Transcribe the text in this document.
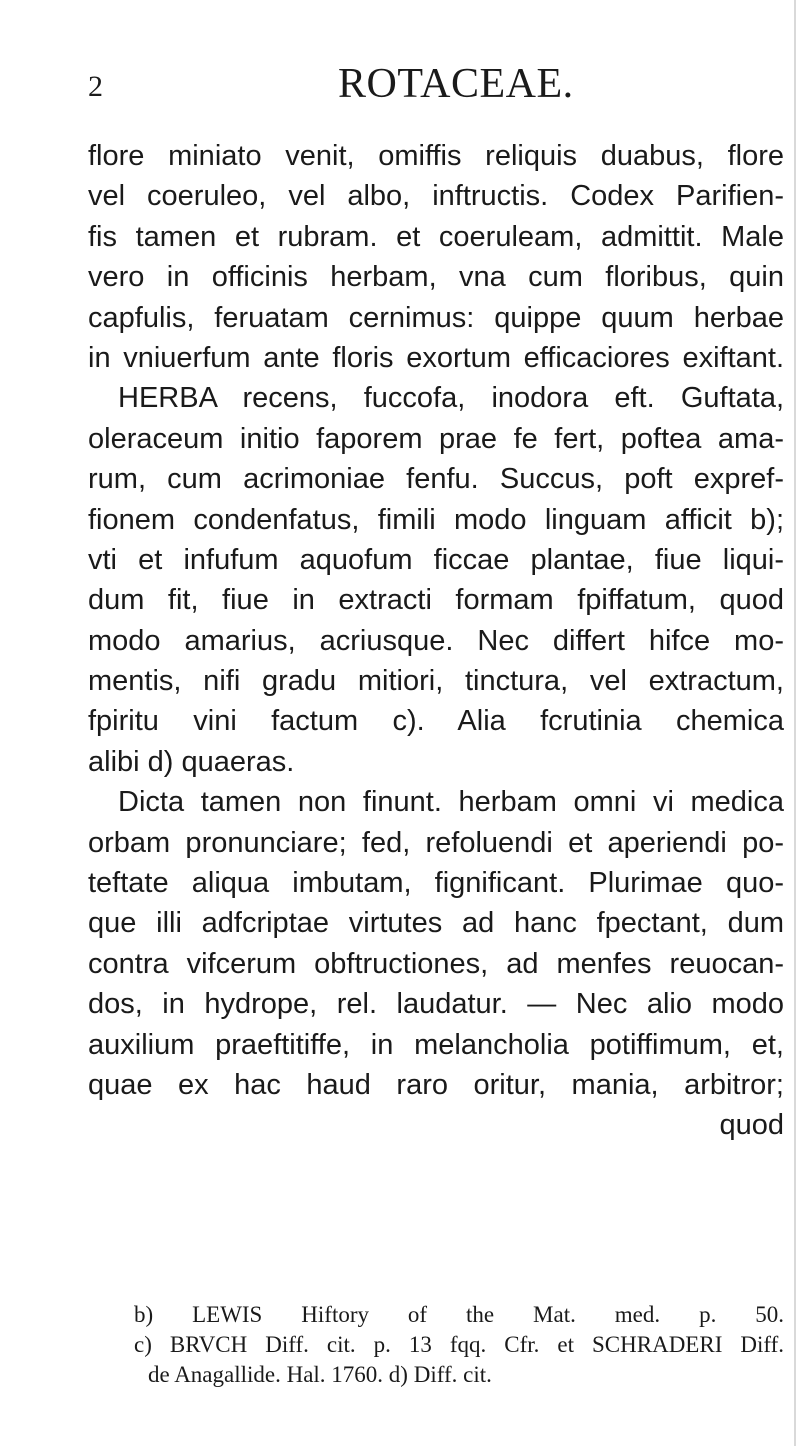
2	ROTACEAE.
flore miniato venit, omiffis reliquis duabus, flore
vel coeruleo, vel albo, inftructis. Codex Parifien-
fis tamen et rubram. et coeruleam, admittit. Male
vero in officinis herbam, vna cum floribus, quin
capfulis, feruatam cernimus: quippe quum herbae
in vniuerfum ante floris exortum efficaciores exiftant.
HERBA recens, fuccofa, inodora eft. Guftata,
oleraceum initio faporem prae fe fert, poftea ama-
rum, cum acrimoniae fenfu. Succus, poft expref-
fionem condenfatus, fimili modo linguam afficit b);
vti et infufum aquofum ficcae plantae, fiue liqui-
dum fit, fiue in extracti formam fpiffatum, quod
modo amarius, acriusque. Nec differt hifce mo-
mentis, nifi gradu mitiori, tinctura, vel extractum,
fpiritu vini factum c). Alia fcrutinia chemica
alibi d) quaeras.
Dicta tamen non finunt. herbam omni vi medica
orbam pronunciare; fed, refoluendi et aperiendi po-
teftate aliqua imbutam, fignificant. Plurimae quo-
que illi adfcriptae virtutes ad hanc fpectant, dum
contra vifcerum obftructiones, ad menfes reuocan-
dos, in hydrope, rel. laudatur. — Nec alio modo
auxilium praeftitiffe, in melancholia potiffimum, et,
quae ex hac haud raro oritur, mania, arbitror;
quod
b) LEWIS Hiftory of the Mat. med. p. 50.
c) BRVCH Diff. cit. p. 13 fqq. Cfr. et SCHRADERI Diff.
de Anagallide. Hal. 1760. d) Diff. cit.
